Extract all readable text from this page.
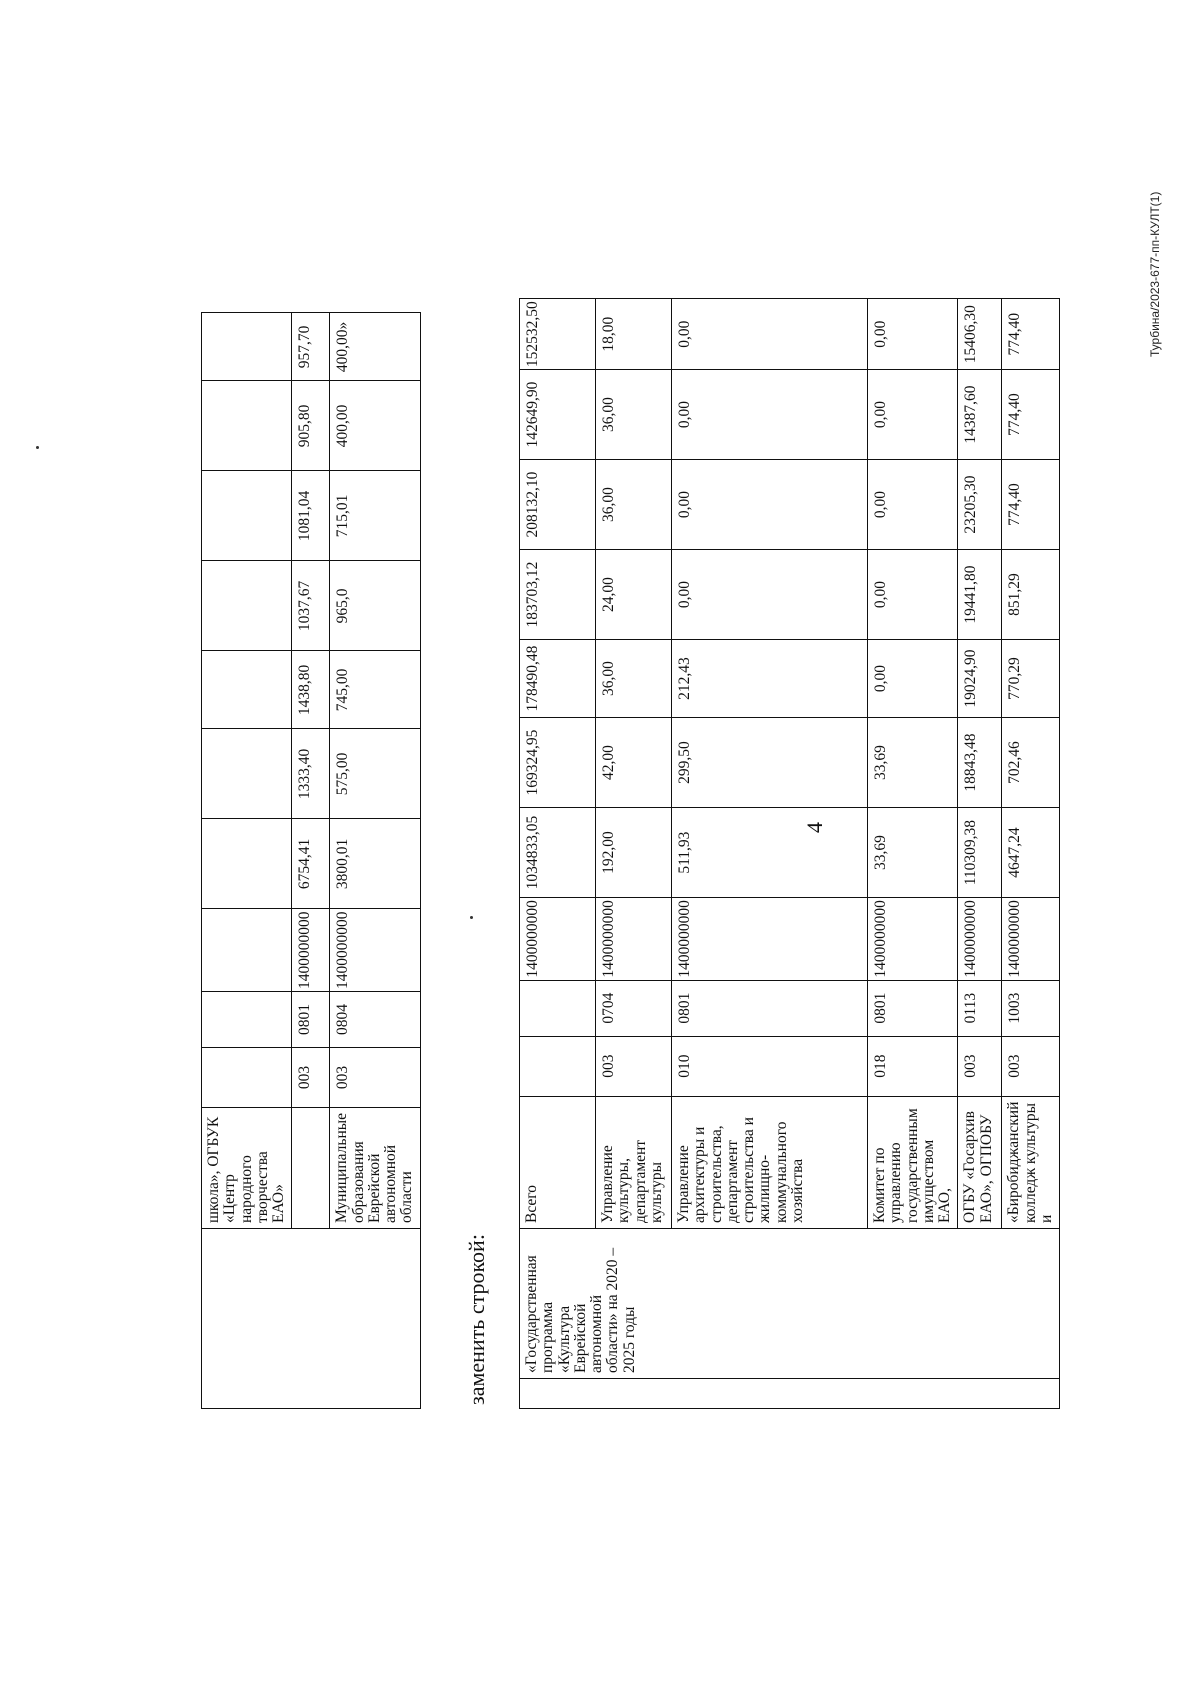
4
	школа», ОГБУК «Центр народного творчества ЕАО»										
		003	0801	1400000000	6754,41	1333,40	1438,80	1037,67	1081,04	905,80	957,70
	Муниципальные образования Еврейской автономной области	003	0804	1400000000	3800,01	575,00	745,00	965,0	715,01	400,00	400,00»
заменить строкой:
	«Государственная программа «Культура Еврейской автономной области» на 2020 – 2025 годы	Всего			1400000000	1034833,05	169324,95	178490,48	183703,12	208132,10	142649,90	152532,50
		Управление культуры, департамент культуры	003	0704	1400000000	192,00	42,00	36,00	24,00	36,00	36,00	18,00
		Управление архитектуры и строительства, департамент строительства и жилищно-коммунального хозяйства	010	0801	1400000000	511,93	299,50	212,43	0,00	0,00	0,00	0,00
		Комитет по управлению государственным имуществом ЕАО,	018	0801	1400000000	33,69	33,69	0,00	0,00	0,00	0,00	0,00
		ОГБУ «Госархив ЕАО», ОГПОБУ	003	0113	1400000000	110309,38	18843,48	19024,90	19441,80	23205,30	14387,60	15406,30
		«Биробиджанский колледж культуры и	003	1003	1400000000	4647,24	702,46	770,29	851,29	774,40	774,40	774,40	Турбина/2023-677-пп-КУЛТ(1)
